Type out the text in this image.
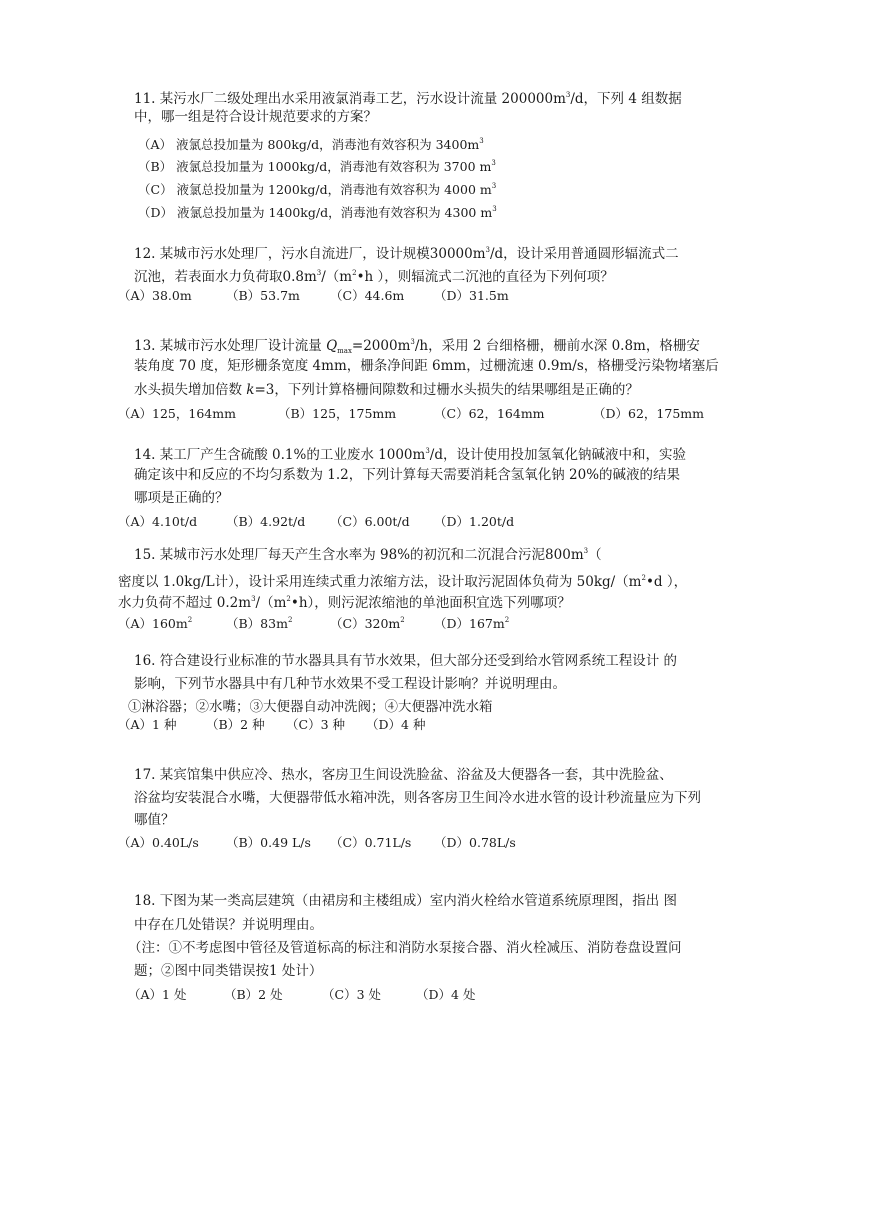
11. 某污水厂二级处理出水采用液氯消毒工艺，污水设计流量 $200000m^3/d$，下列 4 组数据
中，哪一组是符合设计规范要求的方案？
（A） 液氯总投加量为 800kg/d，消毒池有效容积为 $3400m^3$
（B） 液氯总投加量为 1000kg/d，消毒池有效容积为 3700 $m^3$
（C） 液氯总投加量为 1200kg/d，消毒池有效容积为 4000 $m^3$
（D） 液氯总投加量为 1400kg/d，消毒池有效容积为 4300 $m^3$
12. 某城市污水处理厂，污水自流进厂，设计规模$30000m^3/d$，设计采用普通圆形辐流式二
沉池，若表面水力负荷取$0.8m^3/(m^2•h$ ），则辐流式二沉池的直径为下列何项？
（A）38.0m	（B）53.7m	（C）44.6m	（D）31.5m
13. 某城市污水处理厂设计流量 $Q_{max}=2000m^3/h$，采用 2 台细格栅，栅前水深 0.8m，格栅安
装角度 70 度，矩形栅条宽度 4mm，栅条净间距 6mm，过栅流速 0.9m/s，格栅受污染物堵塞后
水头损失增加倍数 k=3，下列计算格栅间隙数和过栅水头损失的结果哪组是正确的？
（A）125，164mm	（B）125，175mm	（C）62，164mm	（D）62，175mm
14. 某工厂产生含硫酸 0.1%的工业废水 $1000m^3/d$，设计使用投加氢氧化钠碱液中和，实验
确定该中和反应的不均匀系数为 1.2，下列计算每天需要消耗含氢氧化钠 20%的碱液的结果
哪项是正确的？
（A）4.10t/d	（B）4.92t/d	（C）6.00t/d	（D）1.20t/d
15. 某城市污水处理厂每天产生含水率为 98%的初沉和二沉混合污泥$800m^3$（
密度以 1.0kg/L计），设计采用连续式重力浓缩方法，设计取污泥固体负荷为 $50kg/(m^2•d$ ），
水力负荷不超过 $0.2m^3/(m^2•h)$，则污泥浓缩池的单池面积宜选下列哪项？
$(A)160m^2$	$(B)83m^2$	$(C)320m^2$	$(D)167m^2$
16. 符合建设行业标准的节水器具具有节水效果，但大部分还受到给水管网系统工程设计 的
影响，下列节水器具中有几种节水效果不受工程设计影响？并说明理由。
①淋浴器；②水嘴；③大便器自动冲洗阀；④大便器冲洗水箱
（A）1 种	（B）2 种	（C）3 种	（D）4 种
17. 某宾馆集中供应冷、热水，客房卫生间设洗脸盆、浴盆及大便器各一套，其中洗脸盆、
浴盆均安装混合水嘴，大便器带低水箱冲洗，则各客房卫生间冷水进水管的设计秒流量应为下列
哪值？
（A）0.40L/s	（B）0.49 L/s	（C）0.71L/s	（D）0.78L/s
18. 下图为某一类高层建筑（由裙房和主楼组成）室内消火栓给水管道系统原理图，指出 图
中存在几处错误？并说明理由。
（注：①不考虑图中管径及管道标高的标注和消防水泵接合器、消火栓减压、消防卷盘设置问
题；②图中同类错误按1 处计）
（A）1 处	（B）2 处	（C）3 处	（D）4 处
